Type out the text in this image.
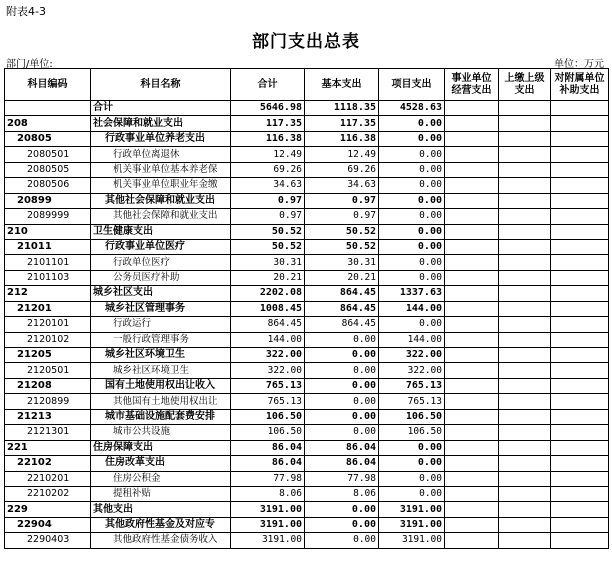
附表4-3
部门支出总表
部门/单位:	单位：万元
科目编码	科目名称	合计	基本支出	项目支出	事业单位经营支出	上缴上级支出	对附属单位补助支出
	合计	5646.98	1118.35	4528.63			
208	社会保障和就业支出	117.35	117.35	0.00			
20805	行政事业单位养老支出	116.38	116.38	0.00			
2080501	行政单位离退休	12.49	12.49	0.00			
2080505	机关事业单位基本养老保	69.26	69.26	0.00			
2080506	机关事业单位职业年金缴	34.63	34.63	0.00			
20899	其他社会保障和就业支出	0.97	0.97	0.00			
2089999	其他社会保障和就业支出	0.97	0.97	0.00			
210	卫生健康支出	50.52	50.52	0.00			
21011	行政事业单位医疗	50.52	50.52	0.00			
2101101	行政单位医疗	30.31	30.31	0.00			
2101103	公务员医疗补助	20.21	20.21	0.00			
212	城乡社区支出	2202.08	864.45	1337.63			
21201	城乡社区管理事务	1008.45	864.45	144.00			
2120101	行政运行	864.45	864.45	0.00			
2120102	一般行政管理事务	144.00	0.00	144.00			
21205	城乡社区环境卫生	322.00	0.00	322.00			
2120501	城乡社区环境卫生	322.00	0.00	322.00			
21208	国有土地使用权出让收入	765.13	0.00	765.13			
2120899	其他国有土地使用权出让	765.13	0.00	765.13			
21213	城市基础设施配套费安排	106.50	0.00	106.50			
2121301	城市公共设施	106.50	0.00	106.50			
221	住房保障支出	86.04	86.04	0.00			
22102	住房改革支出	86.04	86.04	0.00			
2210201	住房公积金	77.98	77.98	0.00			
2210202	提租补贴	8.06	8.06	0.00			
229	其他支出	3191.00	0.00	3191.00			
22904	其他政府性基金及对应专	3191.00	0.00	3191.00			
2290403	其他政府性基金债务收入	3191.00	0.00	3191.00			
